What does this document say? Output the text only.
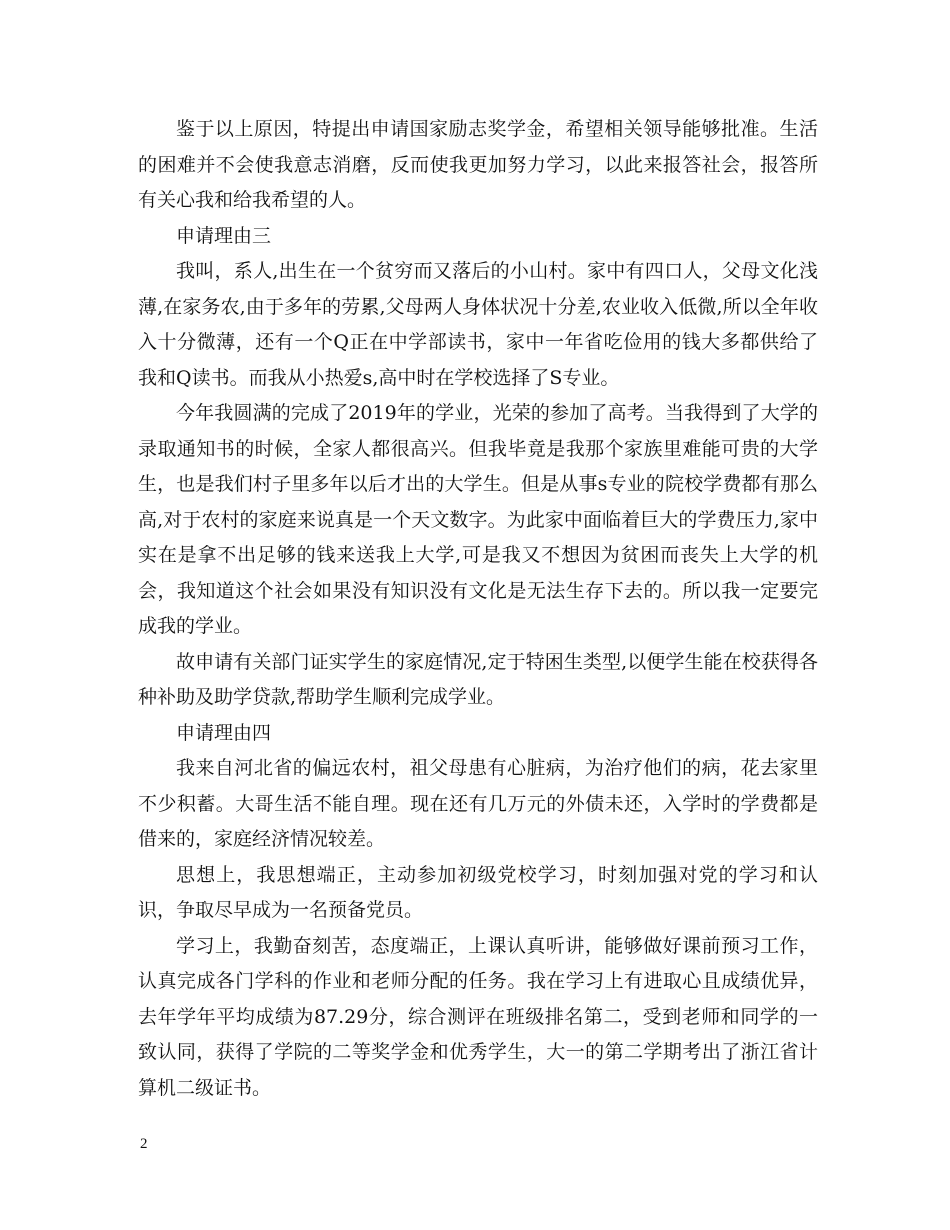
鉴于以上原因，特提出申请国家励志奖学金，希望相关领导能够批准。生活的困难并不会使我意志消磨，反而使我更加努力学习，以此来报答社会，报答所有关心我和给我希望的人。

申请理由三

我叫，系人,出生在一个贫穷而又落后的小山村。家中有四口人，父母文化浅薄,在家务农,由于多年的劳累,父母两人身体状况十分差,农业收入低微,所以全年收入十分微薄，还有一个Q正在中学部读书，家中一年省吃俭用的钱大多都供给了我和Q读书。而我从小热爱s,高中时在学校选择了S专业。

今年我圆满的完成了2019年的学业，光荣的参加了高考。当我得到了大学的录取通知书的时候，全家人都很高兴。但我毕竟是我那个家族里难能可贵的大学生，也是我们村子里多年以后才出的大学生。但是从事s专业的院校学费都有那么高,对于农村的家庭来说真是一个天文数字。为此家中面临着巨大的学费压力,家中实在是拿不出足够的钱来送我上大学,可是我又不想因为贫困而丧失上大学的机会，我知道这个社会如果没有知识没有文化是无法生存下去的。所以我一定要完成我的学业。

故申请有关部门证实学生的家庭情况,定于特困生类型,以便学生能在校获得各种补助及助学贷款,帮助学生顺利完成学业。

申请理由四

我来自河北省的偏远农村，祖父母患有心脏病，为治疗他们的病，花去家里不少积蓄。大哥生活不能自理。现在还有几万元的外债未还，入学时的学费都是借来的，家庭经济情况较差。

思想上，我思想端正，主动参加初级党校学习，时刻加强对党的学习和认识，争取尽早成为一名预备党员。

学习上，我勤奋刻苦，态度端正，上课认真听讲，能够做好课前预习工作，认真完成各门学科的作业和老师分配的任务。我在学习上有进取心且成绩优异，去年学年平均成绩为87.29分，综合测评在班级排名第二，受到老师和同学的一致认同，获得了学院的二等奖学金和优秀学生，大一的第二学期考出了浙江省计算机二级证书。

2
